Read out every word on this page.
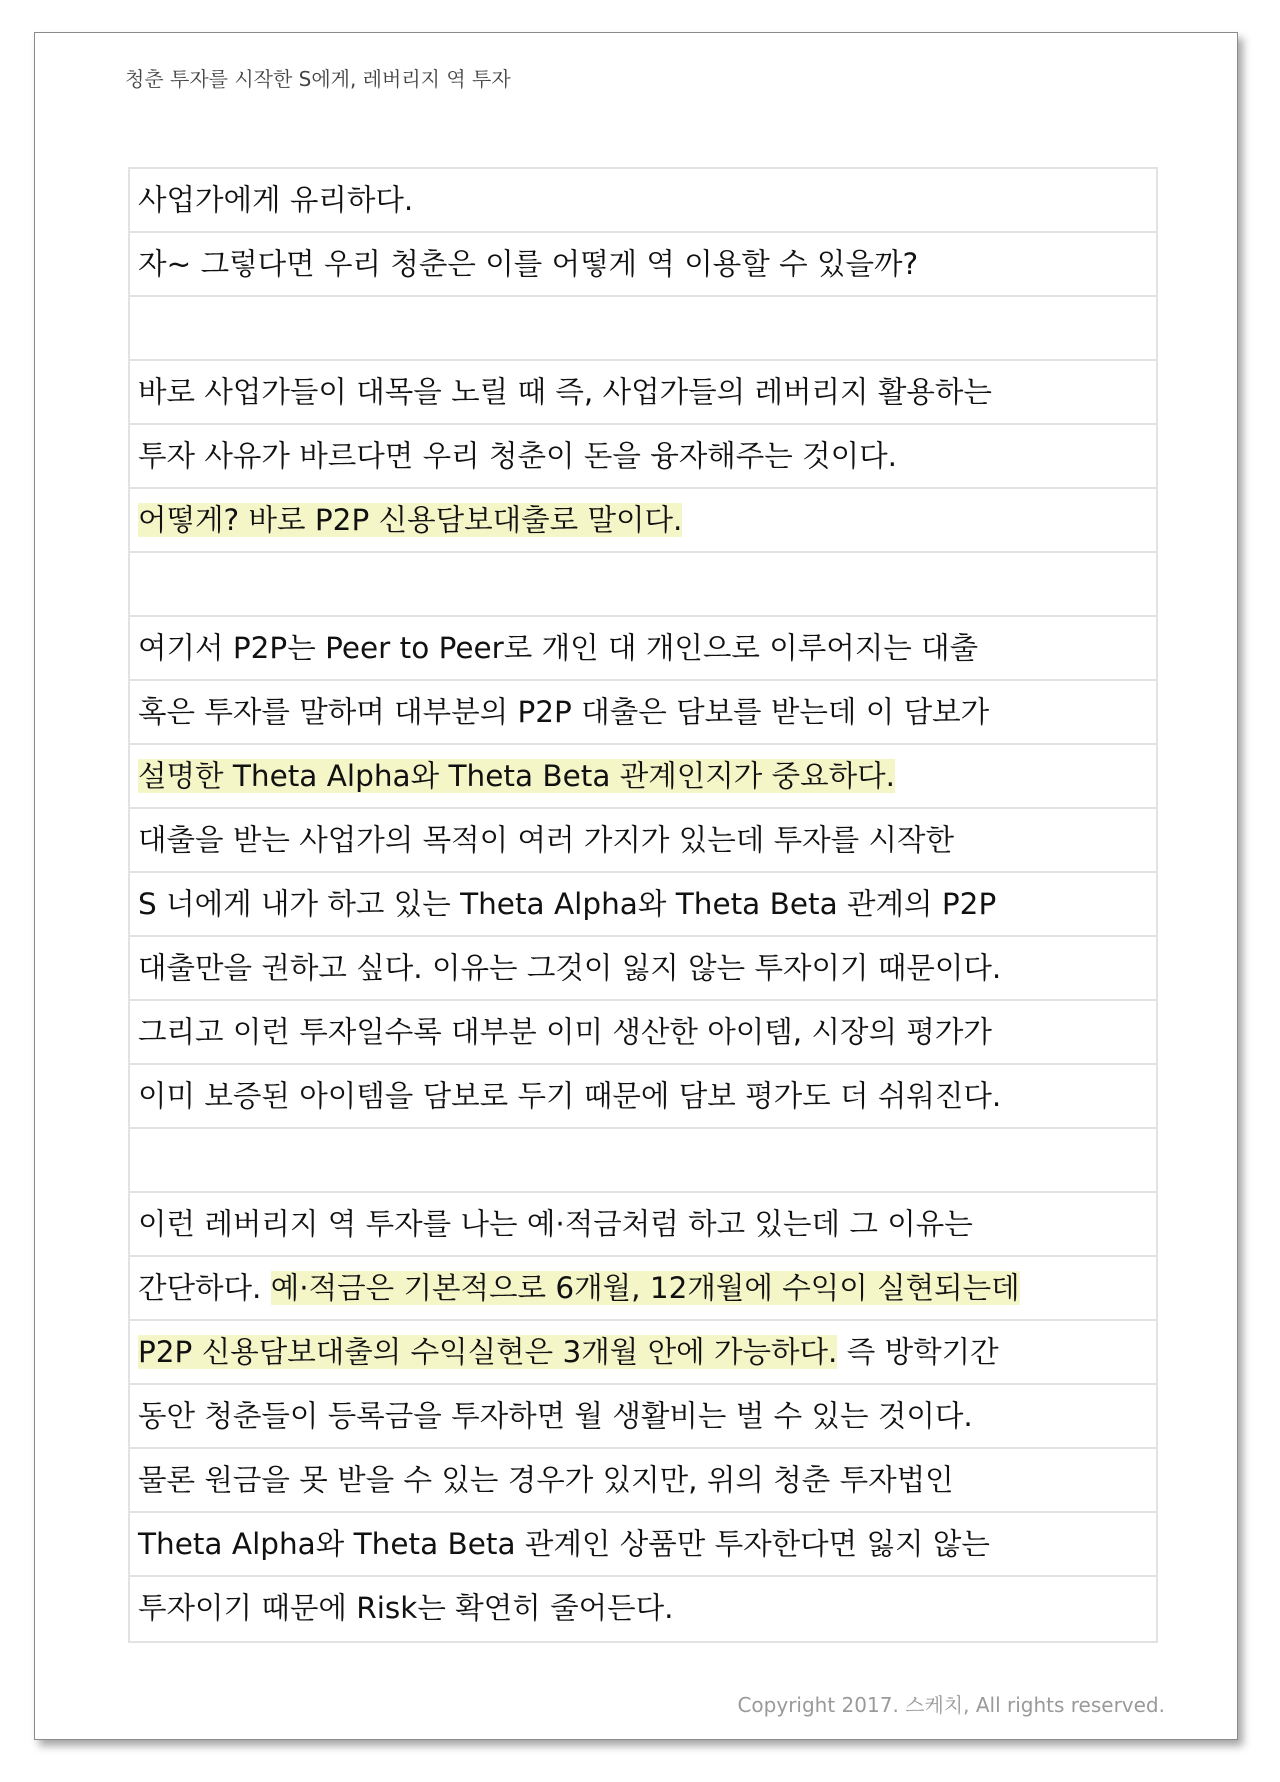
청춘 투자를 시작한 S에게, 레버리지 역 투자
사업가에게 유리하다.
자~ 그렇다면 우리 청춘은 이를 어떻게 역 이용할 수 있을까?
바로 사업가들이 대목을 노릴 때 즉, 사업가들의 레버리지 활용하는
투자 사유가 바르다면 우리 청춘이 돈을 융자해주는 것이다.
어떻게? 바로 P2P 신용담보대출로 말이다.
여기서 P2P는 Peer to Peer로 개인 대 개인으로 이루어지는 대출
혹은 투자를 말하며 대부분의 P2P 대출은 담보를 받는데 이 담보가
설명한 Theta Alpha와 Theta Beta 관계인지가 중요하다.
대출을 받는 사업가의 목적이 여러 가지가 있는데 투자를 시작한
S 너에게 내가 하고 있는 Theta Alpha와 Theta Beta 관계의 P2P
대출만을 권하고 싶다. 이유는 그것이 잃지 않는 투자이기 때문이다.
그리고 이런 투자일수록 대부분 이미 생산한 아이템, 시장의 평가가
이미 보증된 아이템을 담보로 두기 때문에 담보 평가도 더 쉬워진다.
이런 레버리지 역 투자를 나는 예·적금처럼 하고 있는데 그 이유는
간단하다. 예·적금은 기본적으로 6개월, 12개월에 수익이 실현되는데
P2P 신용담보대출의 수익실현은 3개월 안에 가능하다. 즉 방학기간
동안 청춘들이 등록금을 투자하면 월 생활비는 벌 수 있는 것이다.
물론 원금을 못 받을 수 있는 경우가 있지만, 위의 청춘 투자법인
Theta Alpha와 Theta Beta 관계인 상품만 투자한다면 잃지 않는
투자이기 때문에 Risk는 확연히 줄어든다.
Copyright 2017. 스케치, All rights reserved.
